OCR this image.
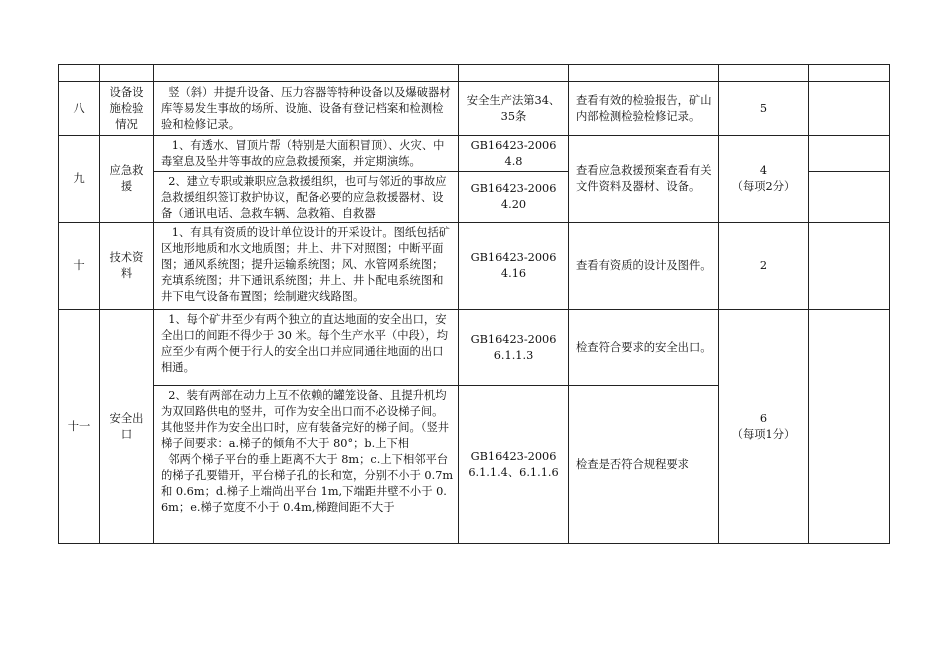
八
设备设
施检验
情况
竖（斜）井提升设备、压力容器等特种设备以及爆破器材库等易发生事故的场所、设施、设备有登记档案和检测检验和检修记录。
安全生产法第34、
35条
查看有效的检验报告，矿山内部检测检验检修记录。
5
九
应急救
援
1、有透水、冒顶片帮（特别是大面积冒顶）、火灾、中毒窒息及坠井等事故的应急救援预案，并定期演练。
2、建立专职或兼职应急救援组织，也可与邻近的事故应急救援组织签订救护协议，配备必要的应急救援器材、设备（通讯电话、急救车辆、急救箱、自救器
GB16423-2006
4.8
GB16423-2006
4.20
查看应急救援预案查看有关文件资料及器材、设备。
4
（每项2分）
十
技术资
料
1、有具有资质的设计单位设计的开采设计。图纸包括矿区地形地质和水文地质图；井上、井下对照图；中断平面图；通风系统图；提升运输系统图；风、水管网系统图；充填系统图；井下通讯系统图；井上、井卜配电系统图和井下电气设备布置图；绘制避灾线路图。
GB16423-2006
4.16
查看有资质的设计及图件。	2
十一
安全出
口
1、每个矿井至少有两个独立的直达地面的安全出口，安全出口的间距不得少于 30 米。每个生产水平（中段），均应至少有两个便于行人的安全出口并应同通往地面的出口相通。
2、装有两部在动力上互不依赖的罐笼设备、且提升机均为双回路供电的竖井，可作为安全出口而不必设梯子间。其他竖井作为安全出口时，应有装备完好的梯子间。（竖井梯子间要求：a.梯子的倾角不大于 80°；b.上下相
邻两个梯子平台的垂上距离不大于 8m；c.上下相邻平台的梯子孔要错开，平台梯子孔的长和宽，分别不小于 0.7m 和 0.6m；d.梯子上端尚出平台 1m,下端距井壁不小于 0.6m；e.梯子宽度不小于 0.4m,梯蹬间距不大于
GB16423-2006
6.1.1.3
GB16423-2006
6.1.1.4、6.1.1.6
检查符合要求的安全出口。
检查是否符合规程要求
6
（每项1分）
